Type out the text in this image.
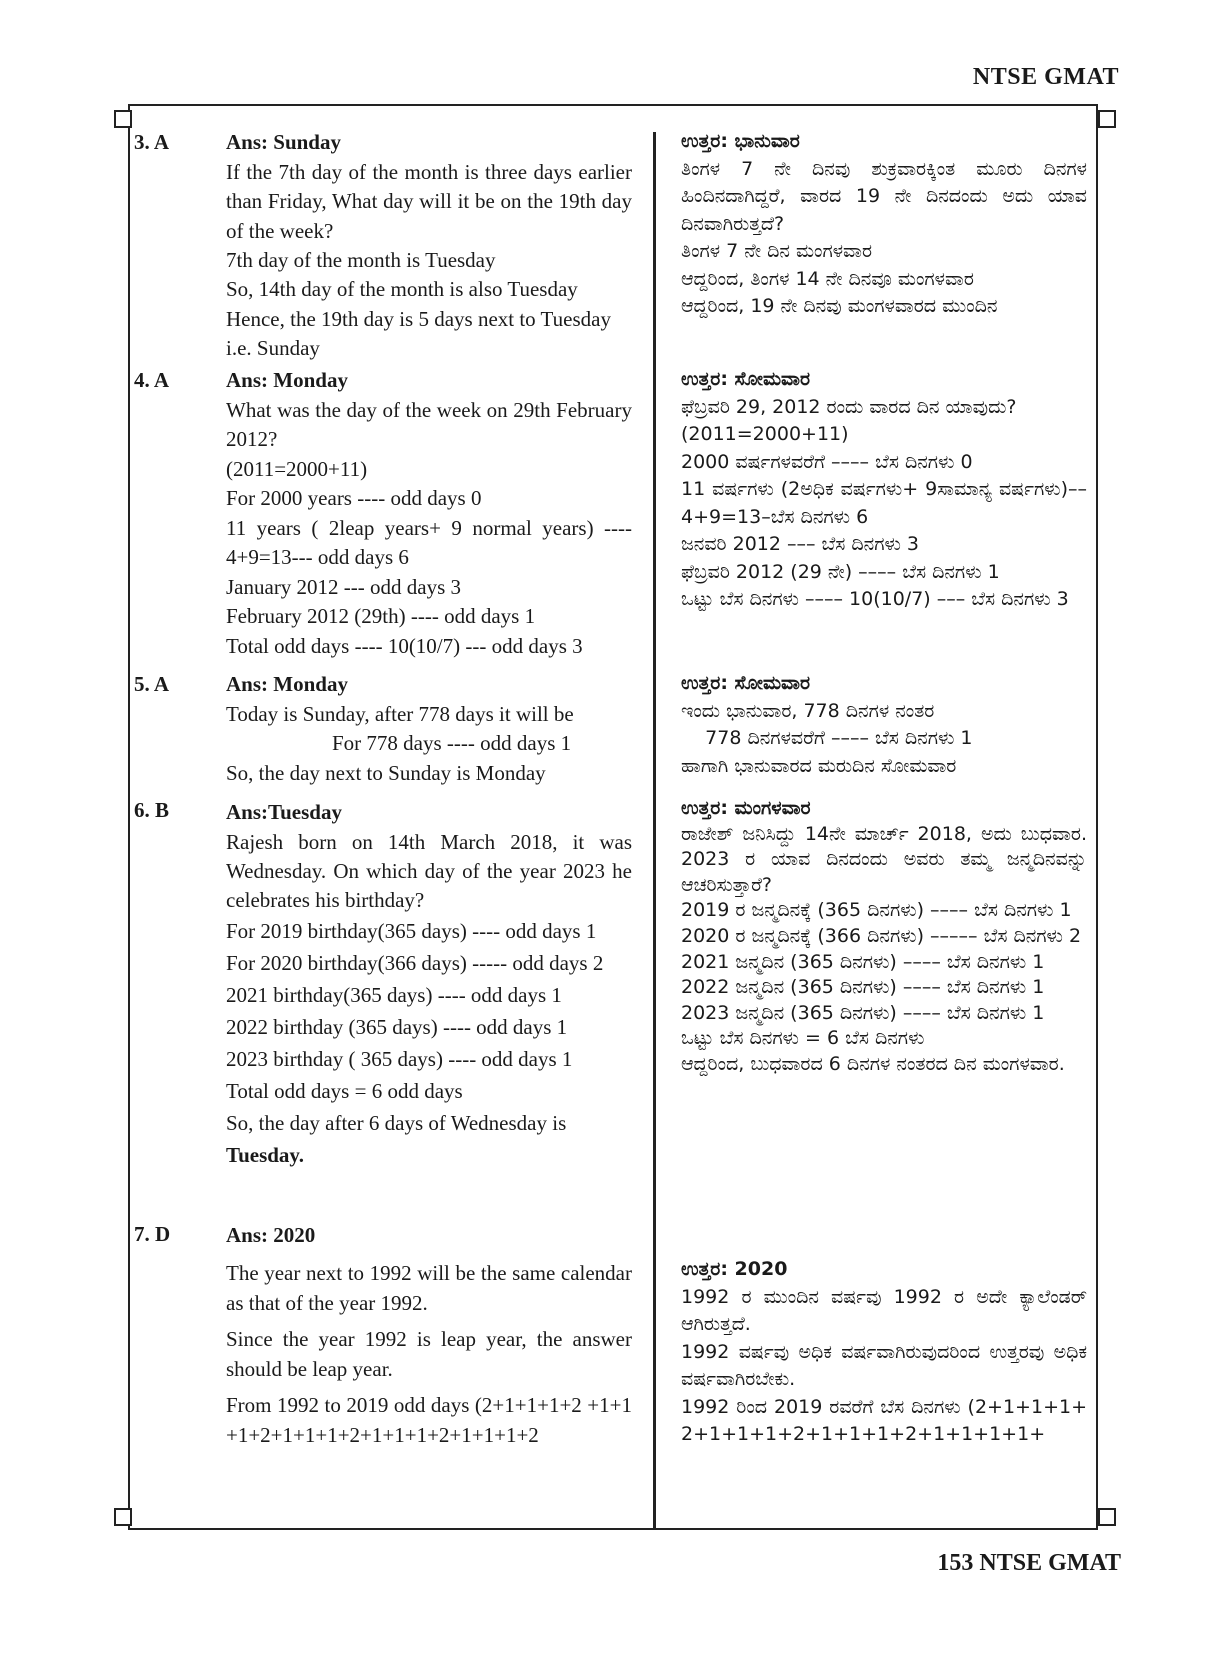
NTSE GMAT
3. A	Ans: Sunday
If the 7th day of the month is three days earlier than Friday, What day will it be on the 19th day of the week?
7th day of the month is Tuesday
So, 14th day of the month is also Tuesday
Hence, the 19th day is 5 days next to Tuesday
i.e. Sunday
4. A	Ans: Monday
What was the day of the week on 29th February 2012?
(2011=2000+11)
For 2000 years ---- odd days 0
11 years ( 2leap years+ 9 normal years) ---- 4+9=13--- odd days 6
January 2012 --- odd days 3
February 2012 (29th) ---- odd days 1
Total odd days ---- 10(10/7) --- odd days 3
5. A	Ans: Monday
Today is Sunday, after 778 days it will be
For 778 days ---- odd days 1
So, the day next to Sunday is Monday
6. B	Ans:Tuesday
Rajesh born on 14th March 2018, it was Wednesday. On which day of the year 2023 he celebrates his birthday?
For 2019 birthday(365 days) ---- odd days 1
For 2020 birthday(366 days) ----- odd days 2
2021 birthday(365 days) ---- odd days 1
2022 birthday (365 days) ---- odd days 1
2023 birthday ( 365 days) ---- odd days 1
Total odd days = 6 odd days
So, the day after 6 days of Wednesday is
Tuesday.
7. D	Ans: 2020
The year next to 1992 will be the same calendar as that of the year 1992.
Since the year 1992 is leap year, the answer should be leap year.
From 1992 to 2019 odd days (2+1+1+1+2 +1+1+1+2+1+1+1+2+1+1+1+2+1+1+1+2
ಉತ್ತರ: ಭಾನುವಾರ
ತಿಂಗಳ 7 ನೇ ದಿನವು ಶುಕ್ರವಾರಕ್ಕಿಂತ ಮೂರು ದಿನಗಳ ಹಿಂದಿನದಾಗಿದ್ದರೆ, ವಾರದ 19 ನೇ ದಿನದಂದು ಅದು ಯಾವ ದಿನವಾಗಿರುತ್ತದೆ?
ತಿಂಗಳ 7 ನೇ ದಿನ ಮಂಗಳವಾರ
ಆದ್ದರಿಂದ, ತಿಂಗಳ 14 ನೇ ದಿನವೂ ಮಂಗಳವಾರ
ಆದ್ದರಿಂದ, 19 ನೇ ದಿನವು ಮಂಗಳವಾರದ ಮುಂದಿನ
ಉತ್ತರ: ಸೋಮವಾರ
ಫೆಬ್ರವರಿ 29, 2012 ರಂದು ವಾರದ ದಿನ ಯಾವುದು?
(2011=2000+11)
2000 ವರ್ಷಗಳವರೆಗೆ –––– ಬೆಸ ದಿನಗಳು 0
11 ವರ್ಷಗಳು (2ಅಧಿಕ ವರ್ಷಗಳು+ 9ಸಾಮಾನ್ಯ ವರ್ಷಗಳು)––4+9=13–ಬೆಸ ದಿನಗಳು 6
ಜನವರಿ 2012 ––– ಬೆಸ ದಿನಗಳು 3
ಫೆಬ್ರವರಿ 2012 (29 ನೇ) –––– ಬೆಸ ದಿನಗಳು 1
ಒಟ್ಟು ಬೆಸ ದಿನಗಳು –––– 10(10/7) ––– ಬೆಸ ದಿನಗಳು 3
ಉತ್ತರ: ಸೋಮವಾರ
ಇಂದು ಭಾನುವಾರ, 778 ದಿನಗಳ ನಂತರ
778 ದಿನಗಳವರೆಗೆ –––– ಬೆಸ ದಿನಗಳು 1
ಹಾಗಾಗಿ ಭಾನುವಾರದ ಮರುದಿನ ಸೋಮವಾರ
ಉತ್ತರ: ಮಂಗಳವಾರ
ರಾಜೇಶ್ ಜನಿಸಿದ್ದು 14ನೇ ಮಾರ್ಚ್ 2018, ಅದು ಬುಧವಾರ. 2023 ರ ಯಾವ ದಿನದಂದು ಅವರು ತಮ್ಮ ಜನ್ಮದಿನವನ್ನು ಆಚರಿಸುತ್ತಾರೆ?
2019 ರ ಜನ್ಮದಿನಕ್ಕೆ (365 ದಿನಗಳು) –––– ಬೆಸ ದಿನಗಳು 1
2020 ರ ಜನ್ಮದಿನಕ್ಕೆ (366 ದಿನಗಳು) ––––– ಬೆಸ ದಿನಗಳು 2
2021 ಜನ್ಮದಿನ (365 ದಿನಗಳು) –––– ಬೆಸ ದಿನಗಳು 1
2022 ಜನ್ಮದಿನ (365 ದಿನಗಳು) –––– ಬೆಸ ದಿನಗಳು 1
2023 ಜನ್ಮದಿನ (365 ದಿನಗಳು) –––– ಬೆಸ ದಿನಗಳು 1
ಒಟ್ಟು ಬೆಸ ದಿನಗಳು = 6 ಬೆಸ ದಿನಗಳು
ಆದ್ದರಿಂದ, ಬುಧವಾರದ 6 ದಿನಗಳ ನಂತರದ ದಿನ ಮಂಗಳವಾರ.
ಉತ್ತರ: 2020
1992 ರ ಮುಂದಿನ ವರ್ಷವು 1992 ರ ಅದೇ ಕ್ಯಾಲೆಂಡರ್ ಆಗಿರುತ್ತದೆ.
1992 ವರ್ಷವು ಅಧಿಕ ವರ್ಷವಾಗಿರುವುದರಿಂದ ಉತ್ತರವು ಅಧಿಕ ವರ್ಷವಾಗಿರಬೇಕು.
1992 ರಿಂದ 2019 ರವರೆಗೆ ಬೆಸ ದಿನಗಳು (2+1+1+1+2+1+1+1+2+1+1+1+2+1+1+1+1+
153 NTSE GMAT
